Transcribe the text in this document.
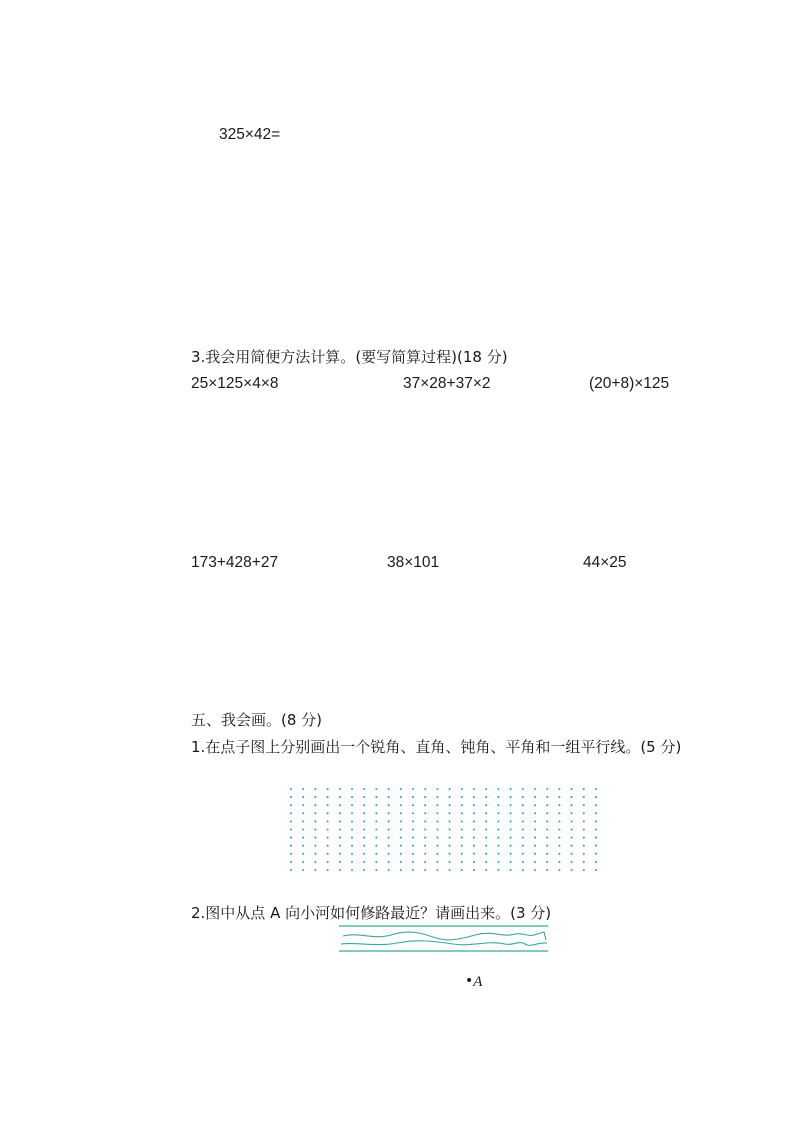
325×42=
3.我会用简便方法计算。(要写简算过程)(18 分)
25×125×4×8	37×28+37×2	(20+8)×125
173+428+27	38×101	44×25
五、我会画。(8 分)
1.在点子图上分别画出一个锐角、直角、钝角、平角和一组平行线。(5 分)
2.图中从点 A 向小河如何修路最近？请画出来。(3 分)
•A
